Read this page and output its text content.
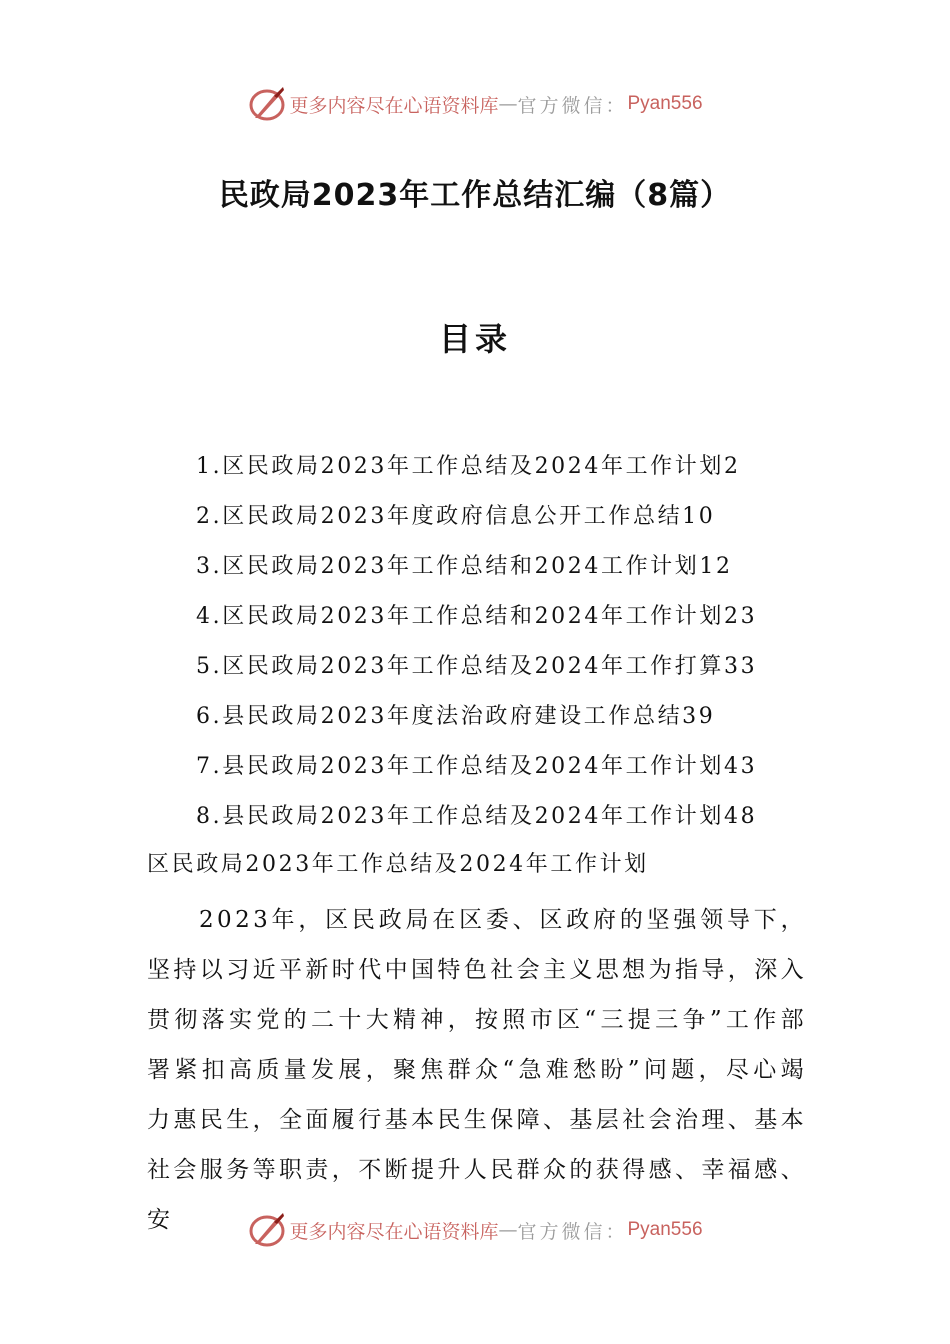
更多内容尽在心语资料库 — 官方微信： Pyan556
民政局2023年工作总结汇编（8篇）
目录
1.区民政局2023年工作总结及2024年工作计划2
2.区民政局2023年度政府信息公开工作总结10
3.区民政局2023年工作总结和2024工作计划12
4.区民政局2023年工作总结和2024年工作计划23
5.区民政局2023年工作总结及2024年工作打算33
6.县民政局2023年度法治政府建设工作总结39
7.县民政局2023年工作总结及2024年工作计划43
8.县民政局2023年工作总结及2024年工作计划48
区民政局2023年工作总结及2024年工作计划

2023年，区民政局在区委、区政府的坚强领导下，坚持以习近平新时代中国特色社会主义思想为指导，深入贯彻落实党的二十大精神，按照市区“三提三争”工作部署紧扣高质量发展，聚焦群众“急难愁盼”问题，尽心竭力惠民生，全面履行基本民生保障、基层社会治理、基本社会服务等职责，不断提升人民群众的获得感、幸福感、安	更多内容尽在心语资料库 — 官方微信： Pyan556
